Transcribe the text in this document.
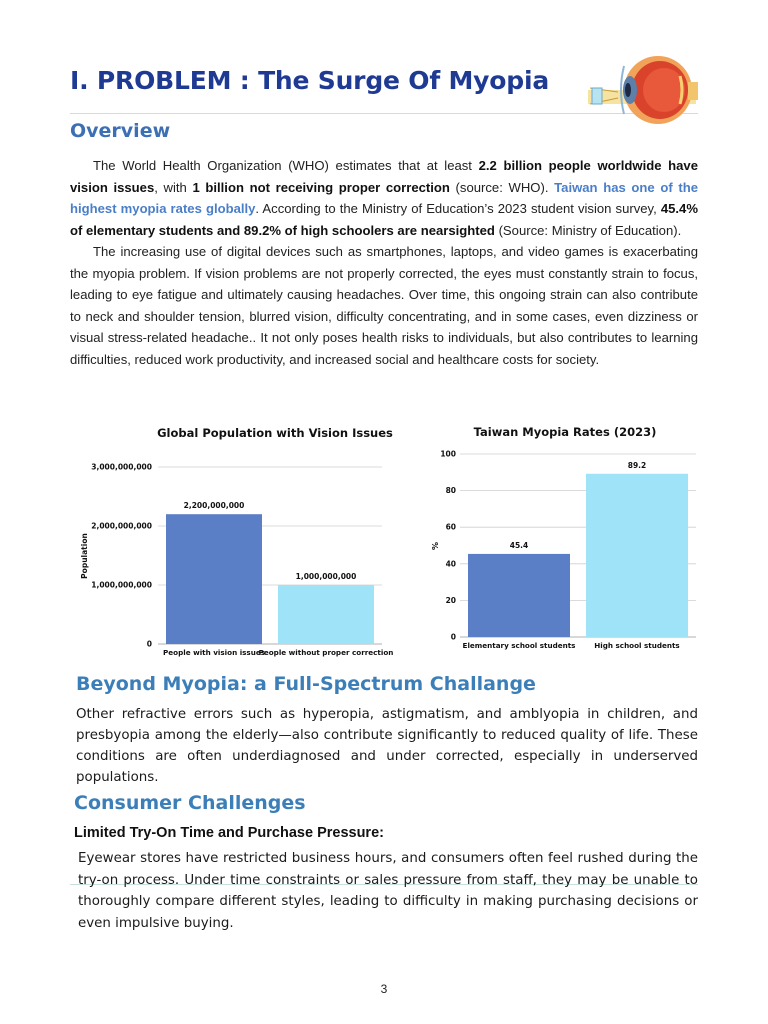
I. PROBLEM : The Surge Of Myopia
Overview

The World Health Organization (WHO) estimates that at least 2.2 billion people worldwide have vision issues, with 1 billion not receiving proper correction (source: WHO). Taiwan has one of the highest myopia rates globally. According to the Ministry of Education’s 2023 student vision survey, 45.4% of elementary students and 89.2% of high schoolers are nearsighted (Source: Ministry of Education).

The increasing use of digital devices such as smartphones, laptops, and video games is exacerbating the myopia problem. If vision problems are not properly corrected, the eyes must constantly strain to focus, leading to eye fatigue and ultimately causing headaches. Over time, this ongoing strain can also contribute to neck and shoulder tension, blurred vision, difficulty concentrating, and in some cases, even dizziness or visual stress-related headache.. It not only poses health risks to individuals, but also contributes to learning difficulties, reduced work productivity, and increased social and healthcare costs for society.

Global Population with Vision Issues
Population
0
1,000,000,000
2,000,000,000
3,000,000,000
2,200,000,000
1,000,000,000
People with vision issues
People without proper correction
Taiwan Myopia Rates (2023)
%
0
20
40
60
80
100
45.4
89.2
Elementary school students	High school students
Beyond Myopia: a Full-Spectrum Challange

Other refractive errors such as hyperopia, astigmatism, and amblyopia in children, and presbyopia among the elderly—also contribute significantly to reduced quality of life. These conditions are often underdiagnosed and under corrected, especially in underserved populations.

Consumer Challenges
Limited Try-On Time and Purchase Pressure:

Eyewear stores have restricted business hours, and consumers often feel rushed during the try-on process. Under time constraints or sales pressure from staff, they may be unable to thoroughly compare different styles, leading to difficulty in making purchasing decisions or even impulsive buying.

3
